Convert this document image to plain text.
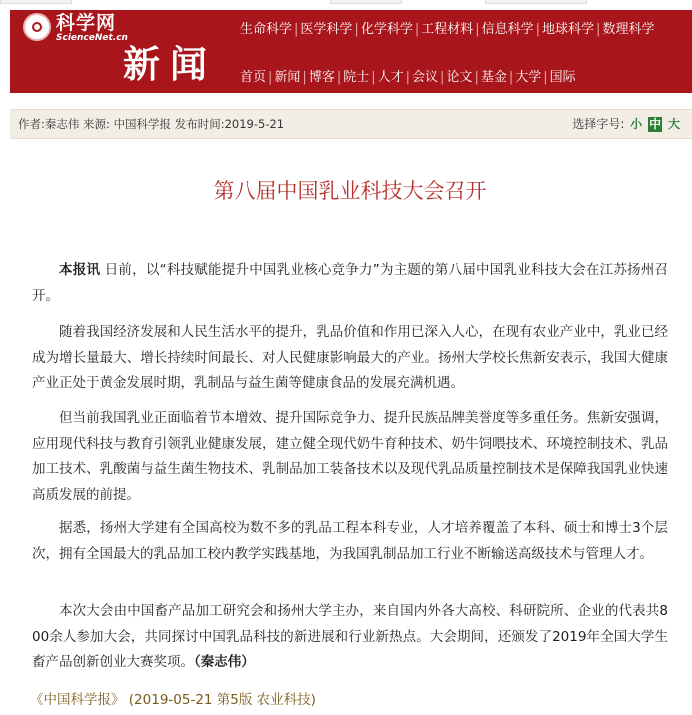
科学网
ScienceNet.cn
新闻
生命科学 | 医学科学 | 化学科学 | 工程材料 | 信息科学 | 地球科学 | 数理科学
首页 | 新闻 | 博客 | 院士 | 人才 | 会议 | 论文 | 基金 | 大学 | 国际
作者:秦志伟 来源: 中国科学报 发布时间:2019-5-21	选择字号: 小 中 大
第八届中国乳业科技大会召开
本报讯 日前，以“科技赋能提升中国乳业核心竞争力”为主题的第八届中国乳业科技大会在江苏扬州召开。
随着我国经济发展和人民生活水平的提升，乳品价值和作用已深入人心，在现有农业产业中，乳业已经成为增长量最大、增长持续时间最长、对人民健康影响最大的产业。扬州大学校长焦新安表示，我国大健康产业正处于黄金发展时期，乳制品与益生菌等健康食品的发展充满机遇。
但当前我国乳业正面临着节本增效、提升国际竞争力、提升民族品牌美誉度等多重任务。焦新安强调，应用现代科技与教育引领乳业健康发展，建立健全现代奶牛育种技术、奶牛饲喂技术、环境控制技术、乳品加工技术、乳酸菌与益生菌生物技术、乳制品加工装备技术以及现代乳品质量控制技术是保障我国乳业快速高质发展的前提。
据悉，扬州大学建有全国高校为数不多的乳品工程本科专业，人才培养覆盖了本科、硕士和博士3个层次，拥有全国最大的乳品加工校内教学实践基地，为我国乳制品加工行业不断输送高级技术与管理人才。
本次大会由中国畜产品加工研究会和扬州大学主办，来自国内外各大高校、科研院所、企业的代表共800余人参加大会，共同探讨中国乳品科技的新进展和行业新热点。大会期间，还颁发了2019年全国大学生畜产品创新创业大赛奖项。（秦志伟）
《中国科学报》 (2019-05-21 第5版 农业科技)
